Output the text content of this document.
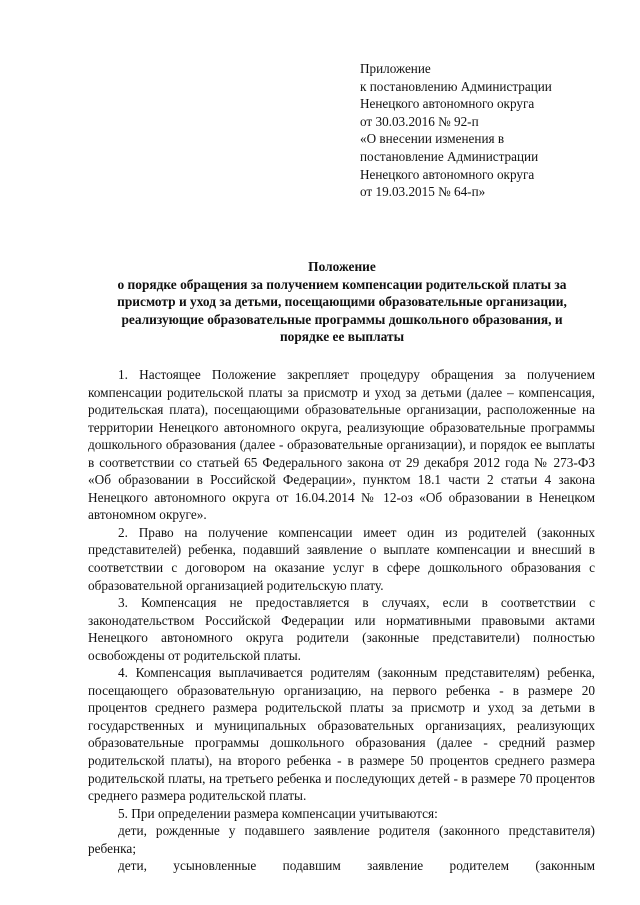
Приложение
к постановлению Администрации
Ненецкого автономного округа
от 30.03.2016 № 92-п
«О внесении изменения в
постановление Администрации
Ненецкого автономного округа
от 19.03.2015 № 64-п»
Положение
о порядке обращения за получением компенсации родительской платы за
присмотр и уход за детьми, посещающими образовательные организации,
реализующие образовательные программы дошкольного образования, и
порядке ее выплаты

1. Настоящее Положение закрепляет процедуру обращения за получением компенсации родительской платы за присмотр и уход за детьми (далее – компенсация, родительская плата), посещающими образовательные организации, расположенные на территории Ненецкого автономного округа, реализующие образовательные программы дошкольного образования (далее - образовательные организации), и порядок ее выплаты в соответствии со статьей 65 Федерального закона от 29 декабря 2012 года № 273-ФЗ «Об образовании в Российской Федерации», пунктом 18.1 части 2 статьи 4 закона Ненецкого автономного округа от 16.04.2014 № 12-оз «Об образовании в Ненецком автономном округе».

2. Право на получение компенсации имеет один из родителей (законных представителей) ребенка, подавший заявление о выплате компенсации и внесший в соответствии с договором на оказание услуг в сфере дошкольного образования с образовательной организацией родительскую плату.

3. Компенсация не предоставляется в случаях, если в соответствии с законодательством Российской Федерации или нормативными правовыми актами Ненецкого автономного округа родители (законные представители) полностью освобождены от родительской платы.

4. Компенсация выплачивается родителям (законным представителям) ребенка, посещающего образовательную организацию, на первого ребенка - в размере 20 процентов среднего размера родительской платы за присмотр и уход за детьми в государственных и муниципальных образовательных организациях, реализующих образовательные программы дошкольного образования (далее - средний размер родительской платы), на второго ребенка - в размере 50 процентов среднего размера родительской платы, на третьего ребенка и последующих детей - в размере 70 процентов среднего размера родительской платы.

5. При определении размера компенсации учитываются:

дети, рожденные у подавшего заявление родителя (законного представителя) ребенка;

дети, усыновленные подавшим заявление родителем (законным
